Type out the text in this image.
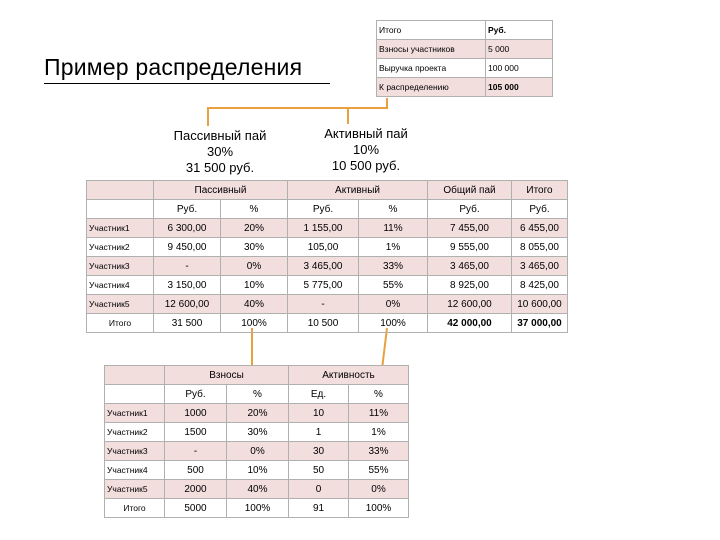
Пример распределения
Итого	Руб.
Взносы участников	5 000
Выручка проекта	100 000
К распределению	105 000
Пассивный пай
30%
31 500 руб.
Активный пай
10%
10 500 руб.
	Пассивный		Активный		Общий пай	Итого
	Руб.	%	Руб.	%	Руб.	Руб.
Участник1	6 300,00	20%	1 155,00	11%	7 455,00	6 455,00
Участник2	9 450,00	30%	105,00	1%	9 555,00	8 055,00
Участник3	-	0%	3 465,00	33%	3 465,00	3 465,00
Участник4	3 150,00	10%	5 775,00	55%	8 925,00	8 425,00
Участник5	12 600,00	40%	-	0%	12 600,00	10 600,00
Итого	31 500	100%	10 500	100%	42 000,00	37 000,00
	Взносы		Активность	
	Руб.	%	Ед.	%
Участник1	1000	20%	10	11%
Участник2	1500	30%	1	1%
Участник3	-	0%	30	33%
Участник4	500	10%	50	55%
Участник5	2000	40%	0	0%
Итого	5000	100%	91	100%
